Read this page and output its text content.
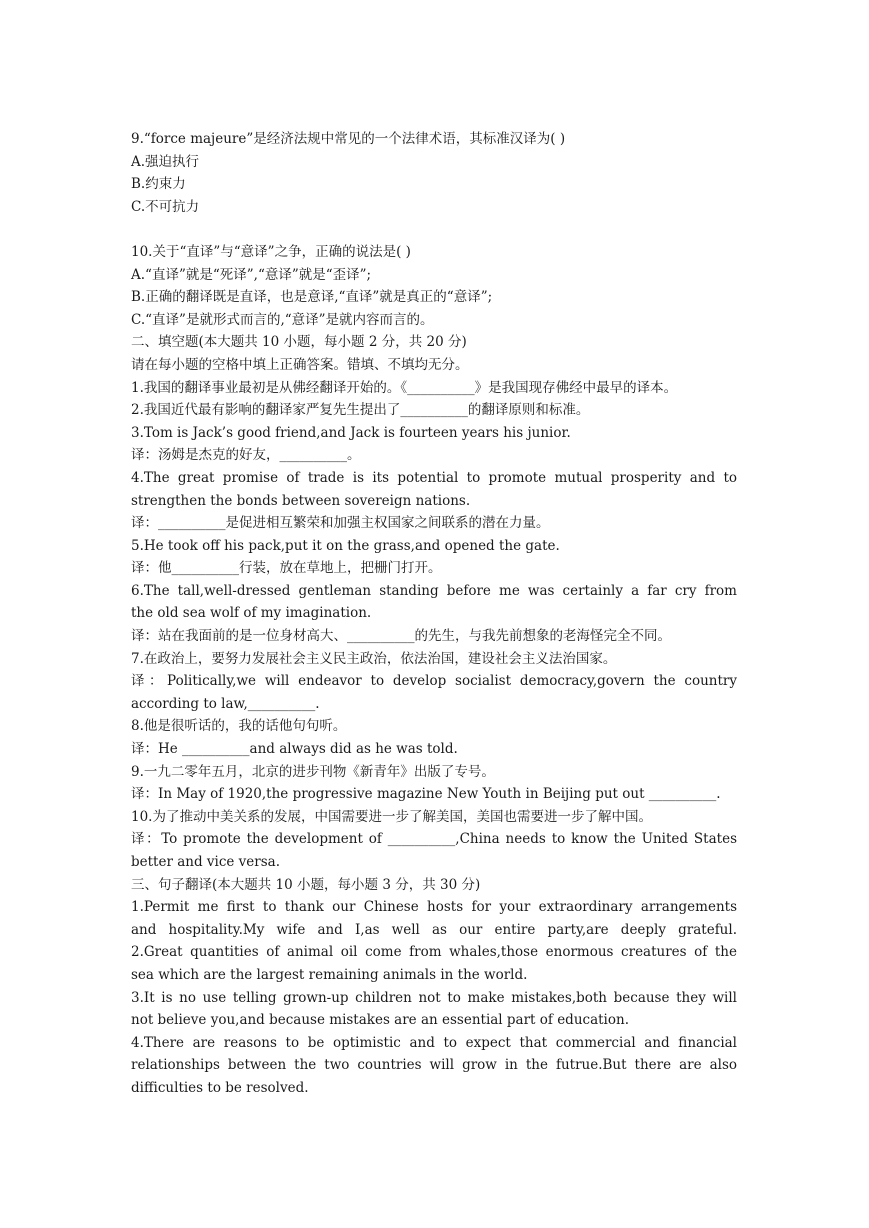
9.“force majeure”是经济法规中常见的一个法律术语，其标准汉译为( )
A.强迫执行
B.约束力
C.不可抗力
10.关于“直译”与“意译”之争，正确的说法是( )
A.“直译”就是“死译”,“意译”就是“歪译”;
B.正确的翻译既是直译，也是意译,“直译”就是真正的“意译”;
C.“直译”是就形式而言的,“意译”是就内容而言的。
二、填空题(本大题共 10 小题，每小题 2 分，共 20 分)
请在每小题的空格中填上正确答案。错填、不填均无分。
1.我国的翻译事业最初是从佛经翻译开始的。《__________》是我国现存佛经中最早的译本。
2.我国近代最有影响的翻译家严复先生提出了__________的翻译原则和标准。
3.Tom is Jack’s good friend,and Jack is fourteen years his junior.
译：汤姆是杰克的好友，__________。
4.The great promise of trade is its potential to promote mutual prosperity and to
strengthen the bonds between sovereign nations.
译：__________是促进相互繁荣和加强主权国家之间联系的潜在力量。
5.He took off his pack,put it on the grass,and opened the gate.
译：他__________行装，放在草地上，把栅门打开。
6.The tall,well-dressed gentleman standing before me was certainly a far cry from
the old sea wolf of my imagination.
译：站在我面前的是一位身材高大、__________的先生，与我先前想象的老海怪完全不同。
7.在政治上，要努力发展社会主义民主政治，依法治国，建设社会主义法治国家。
译：Politically,we will endeavor to develop socialist democracy,govern the country
according to law,__________.
8.他是很听话的，我的话他句句听。
译：He __________and always did as he was told.
9.一九二零年五月，北京的进步刊物《新青年》出版了专号。
译：In May of 1920,the progressive magazine New Youth in Beijing put out __________.
10.为了推动中美关系的发展，中国需要进一步了解美国，美国也需要进一步了解中国。
译：To promote the development of __________,China needs to know the United States
better and vice versa.
三、句子翻译(本大题共 10 小题，每小题 3 分，共 30 分)
1.Permit me first to thank our Chinese hosts for your extraordinary arrangements
and hospitality.My wife and I,as well as our entire party,are deeply grateful.
2.Great quantities of animal oil come from whales,those enormous creatures of the
sea which are the largest remaining animals in the world.
3.It is no use telling grown-up children not to make mistakes,both because they will
not believe you,and because mistakes are an essential part of education.
4.There are reasons to be optimistic and to expect that commercial and financial
relationships between the two countries will grow in the futrue.But there are also
difficulties to be resolved.
